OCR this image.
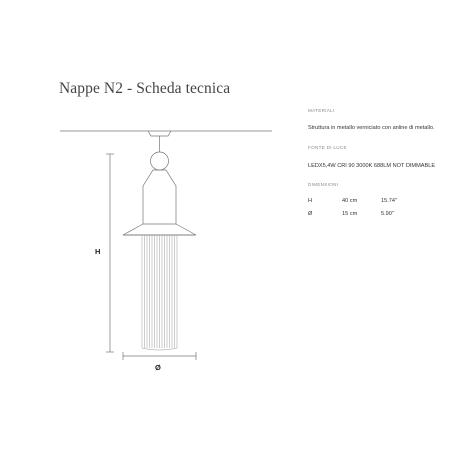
Nappe N2 - Scheda tecnica
H
Ø
MATERIALI
Struttura in metallo verniciato con anline di metallo.
FONTE DI LUCE
LEDX5,4W CRI 90 3000K 688LM NOT DIMMABLE
DIMENSIONI
H	40 cm	15.74''
Ø	15 cm	5.90''
